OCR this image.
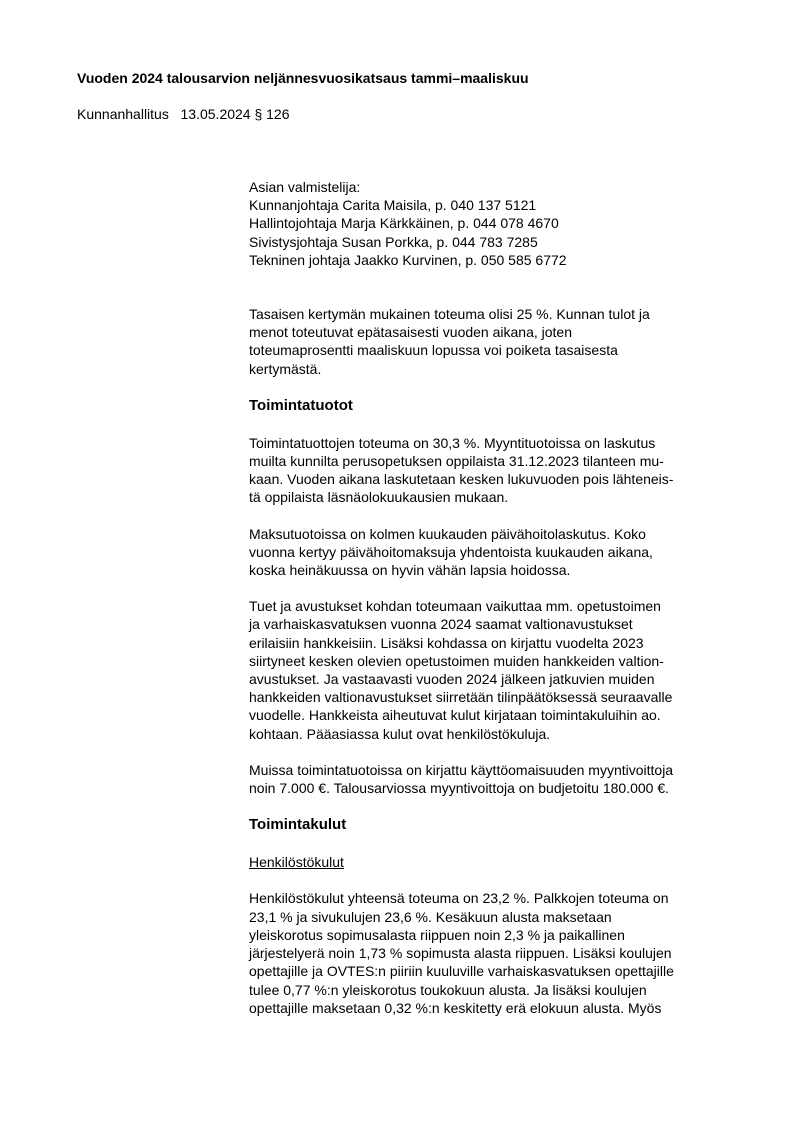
Vuoden 2024 talousarvion neljännesvuosikatsaus tammi–maaliskuu

Kunnanhallitus   13.05.2024 § 126

Asian valmistelija:
Kunnanjohtaja Carita Maisila, p. 040 137 5121
Hallintojohtaja Marja Kärkkäinen, p. 044 078 4670
Sivistysjohtaja Susan Porkka, p. 044 783 7285
Tekninen johtaja Jaakko Kurvinen, p. 050 585 6772

Tasaisen kertymän mukainen toteuma olisi 25 %. Kunnan tulot ja
menot toteutuvat epätasaisesti vuoden aikana, joten
toteumaprosentti maaliskuun lopussa voi poiketa tasaisesta
kertymästä.

Toimintatuotot

Toimintatuottojen toteuma on 30,3 %. Myyntituotoissa on laskutus
muilta kunnilta perusopetuksen oppilaista 31.12.2023 tilanteen mu-
kaan. Vuoden aikana laskutetaan kesken lukuvuoden pois lähteneis-
tä oppilaista läsnäolokuukausien mukaan.

Maksutuotoissa on kolmen kuukauden päivähoitolaskutus. Koko
vuonna kertyy päivähoitomaksuja yhdentoista kuukauden aikana,
koska heinäkuussa on hyvin vähän lapsia hoidossa.

Tuet ja avustukset kohdan toteumaan vaikuttaa mm. opetustoimen
ja varhaiskasvatuksen vuonna 2024 saamat valtionavustukset
erilaisiin hankkeisiin. Lisäksi kohdassa on kirjattu vuodelta 2023
siirtyneet kesken olevien opetustoimen muiden hankkeiden valtion-
avustukset. Ja vastaavasti vuoden 2024 jälkeen jatkuvien muiden
hankkeiden valtionavustukset siirretään tilinpäätöksessä seuraavalle
vuodelle. Hankkeista aiheutuvat kulut kirjataan toimintakuluihin ao.
kohtaan. Pääasiassa kulut ovat henkilöstökuluja.

Muissa toimintatuotoissa on kirjattu käyttöomaisuuden myyntivoittoja
noin 7.000 €. Talousarviossa myyntivoittoja on budjetoitu 180.000 €.

Toimintakulut

Henkilöstökulut

Henkilöstökulut yhteensä toteuma on 23,2 %. Palkkojen toteuma on
23,1 % ja sivukulujen 23,6 %. Kesäkuun alusta maksetaan
yleiskorotus sopimusalasta riippuen noin 2,3 % ja paikallinen
järjestelyerä noin 1,73 % sopimusta alasta riippuen. Lisäksi koulujen
opettajille ja OVTES:n piiriin kuuluville varhaiskasvatuksen opettajille
tulee 0,77 %:n yleiskorotus toukokuun alusta. Ja lisäksi koulujen
opettajille maksetaan 0,32 %:n keskitetty erä elokuun alusta. Myös
